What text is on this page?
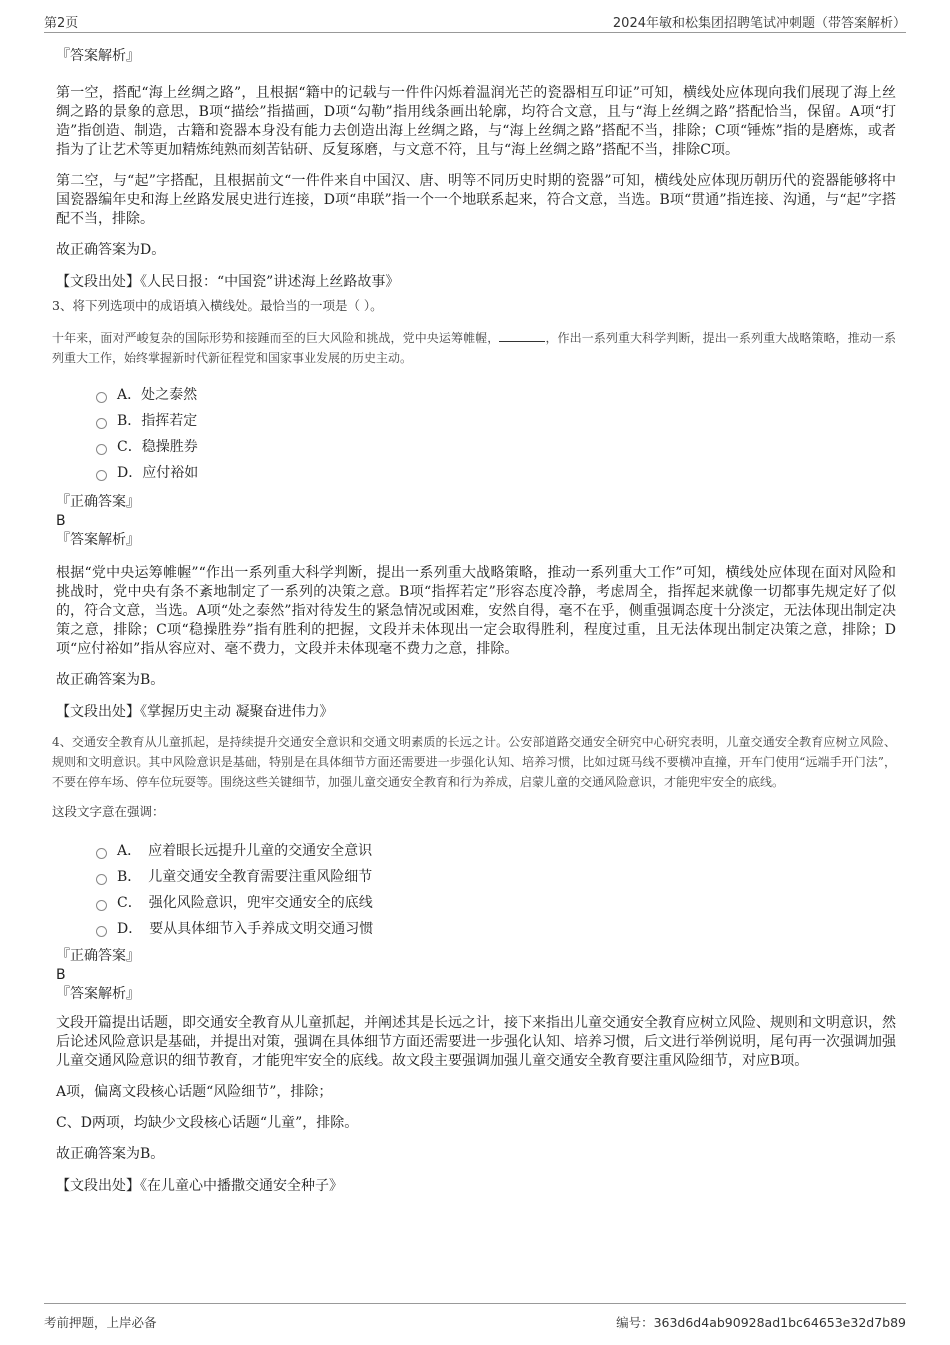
第2页	2024年敏和松集团招聘笔试冲刺题（带答案解析）

『答案解析』

第一空，搭配“海上丝绸之路”，且根据“籍中的记载与一件件闪烁着温润光芒的瓷器相互印证”可知，横线处应体现向我们展现了海上丝绸之路的景象的意思，B项“描绘”指描画，D项“勾勒”指用线条画出轮廓，均符合文意，且与“海上丝绸之路”搭配恰当，保留。A项“打造”指创造、制造，古籍和瓷器本身没有能力去创造出海上丝绸之路，与“海上丝绸之路”搭配不当，排除；C项“锤炼”指的是磨炼，或者指为了让艺术等更加精炼纯熟而刻苦钻研、反复琢磨，与文意不符，且与“海上丝绸之路”搭配不当，排除C项。

第二空，与“起”字搭配，且根据前文“一件件来自中国汉、唐、明等不同历史时期的瓷器”可知，横线处应体现历朝历代的瓷器能够将中国瓷器编年史和海上丝路发展史进行连接，D项“串联”指一个一个地联系起来，符合文意，当选。B项“贯通”指连接、沟通，与“起”字搭配不当，排除。

故正确答案为D。

【文段出处】《人民日报：“中国瓷”讲述海上丝路故事》

3、将下列选项中的成语填入横线处。最恰当的一项是（ ）。

十年来，面对严峻复杂的国际形势和接踵而至的巨大风险和挑战，党中央运筹帷幄，	，作出一系列重大科学判断，提出一系列重大战略策略，推动一系列重大工作，始终掌握新时代新征程党和国家事业发展的历史主动。

A．处之泰然
B．指挥若定
C．稳操胜券
D．应付裕如

『正确答案』

B

『答案解析』

根据“党中央运筹帷幄”“作出一系列重大科学判断，提出一系列重大战略策略，推动一系列重大工作”可知，横线处应体现在面对风险和挑战时，党中央有条不紊地制定了一系列的决策之意。B项“指挥若定”形容态度冷静，考虑周全，指挥起来就像一切都事先规定好了似的，符合文意，当选。A项“处之泰然”指对待发生的紧急情况或困难，安然自得，毫不在乎，侧重强调态度十分淡定，无法体现出制定决策之意，排除；C项“稳操胜券”指有胜利的把握，文段并未体现出一定会取得胜利，程度过重，且无法体现出制定决策之意，排除；D项“应付裕如”指从容应对、毫不费力，文段并未体现毫不费力之意，排除。

故正确答案为B。

【文段出处】《掌握历史主动 凝聚奋进伟力》

4、交通安全教育从儿童抓起，是持续提升交通安全意识和交通文明素质的长远之计。公安部道路交通安全研究中心研究表明，儿童交通安全教育应树立风险、规则和文明意识。其中风险意识是基础，特别是在具体细节方面还需要进一步强化认知、培养习惯，比如过斑马线不要横冲直撞，开车门使用“远端手开门法”，不要在停车场、停车位玩耍等。围绕这些关键细节，加强儿童交通安全教育和行为养成，启蒙儿童的交通风险意识，才能兜牢安全的底线。

这段文字意在强调：

A．　应着眼长远提升儿童的交通安全意识
B．　儿童交通安全教育需要注重风险细节
C．　强化风险意识，兜牢交通安全的底线
D．　要从具体细节入手养成文明交通习惯

『正确答案』

B

『答案解析』

文段开篇提出话题，即交通安全教育从儿童抓起，并阐述其是长远之计，接下来指出儿童交通安全教育应树立风险、规则和文明意识，然后论述风险意识是基础，并提出对策，强调在具体细节方面还需要进一步强化认知、培养习惯，后文进行举例说明，尾句再一次强调加强儿童交通风险意识的细节教育，才能兜牢安全的底线。故文段主要强调加强儿童交通安全教育要注重风险细节，对应B项。

A项，偏离文段核心话题“风险细节”，排除；

C、D两项，均缺少文段核心话题“儿童”，排除。

故正确答案为B。

【文段出处】《在儿童心中播撒交通安全种子》

考前押题，上岸必备	编号：363d6d4ab90928ad1bc64653e32d7b89
